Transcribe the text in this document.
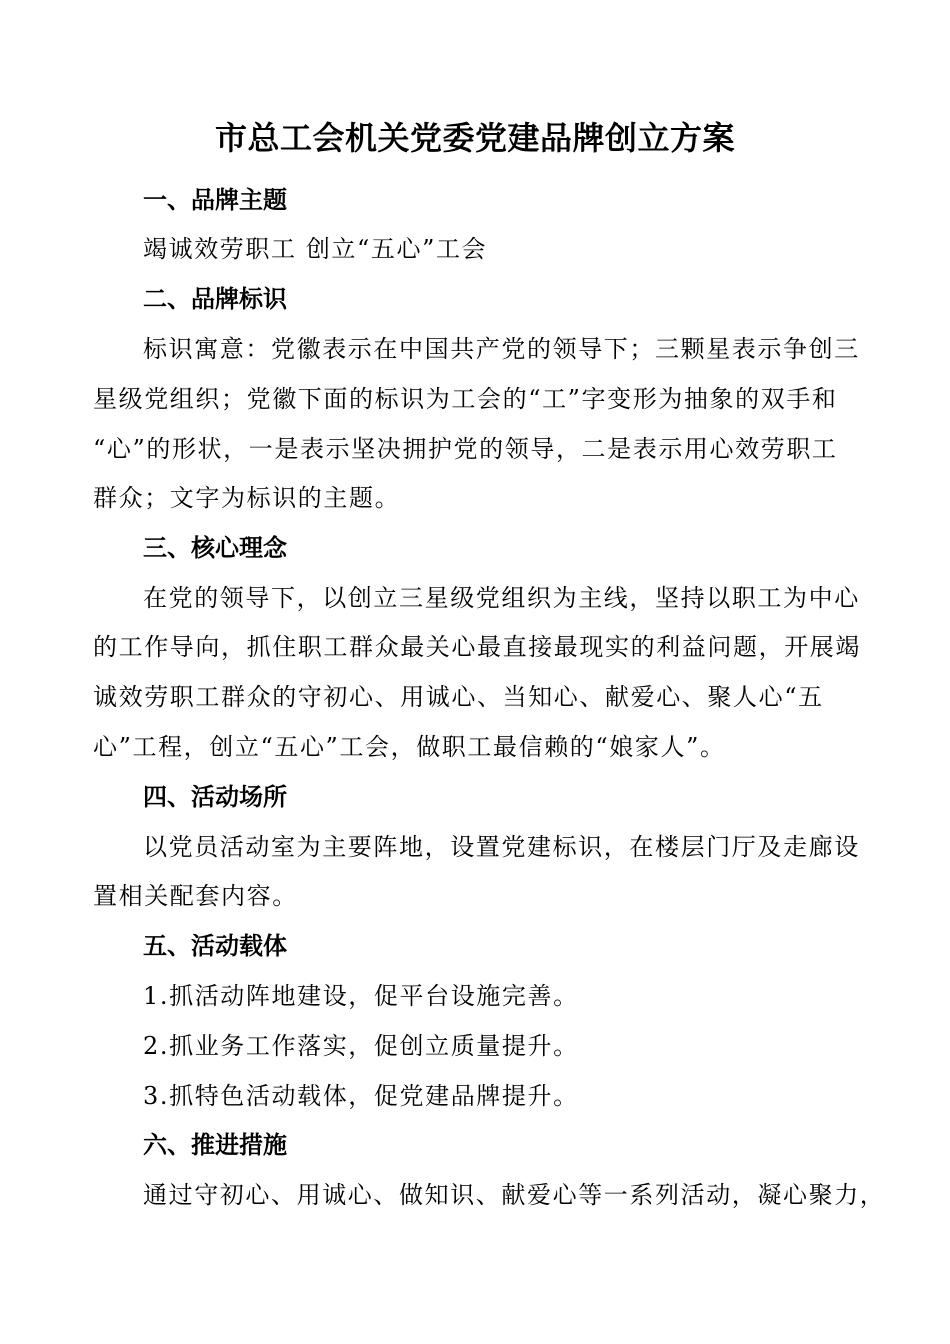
市总工会机关党委党建品牌创立方案
一、品牌主题
竭诚效劳职工 创立“五心”工会
二、品牌标识
标识寓意：党徽表示在中国共产党的领导下；三颗星表示争创三
星级党组织；党徽下面的标识为工会的“工”字变形为抽象的双手和
“心”的形状，一是表示坚决拥护党的领导，二是表示用心效劳职工
群众；文字为标识的主题。
三、核心理念
在党的领导下，以创立三星级党组织为主线，坚持以职工为中心
的工作导向，抓住职工群众最关心最直接最现实的利益问题，开展竭
诚效劳职工群众的守初心、用诚心、当知心、献爱心、聚人心“五
心”工程，创立“五心”工会，做职工最信赖的“娘家人”。
四、活动场所
以党员活动室为主要阵地，设置党建标识，在楼层门厅及走廊设
置相关配套内容。
五、活动载体
1.抓活动阵地建设，促平台设施完善。
2.抓业务工作落实，促创立质量提升。
3.抓特色活动载体，促党建品牌提升。
六、推进措施
通过守初心、用诚心、做知识、献爱心等一系列活动，凝心聚力，
